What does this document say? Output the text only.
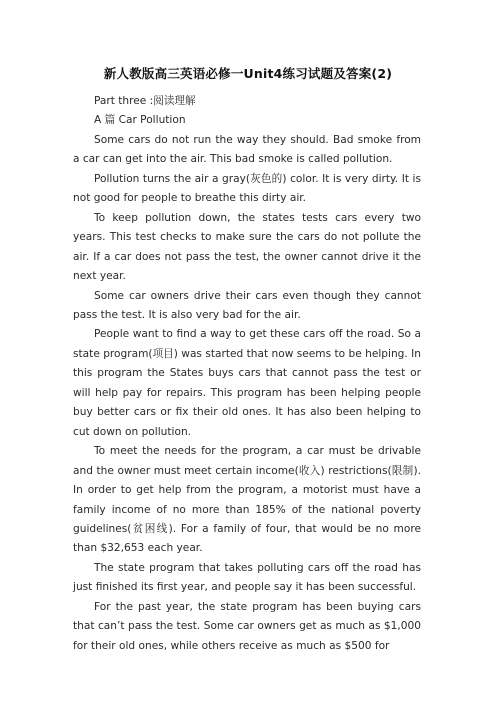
新人教版高三英语必修一Unit4练习试题及答案(2)

Part three :阅读理解

A 篇 Car Pollution

Some cars do not run the way they should. Bad smoke from a car can get into the air. This bad smoke is called pollution.

Pollution turns the air a gray(灰色的) color. It is very dirty. It is not good for people to breathe this dirty air.

To keep pollution down, the states tests cars every two years. This test checks to make sure the cars do not pollute the air. If a car does not pass the test, the owner cannot drive it the next year.

Some car owners drive their cars even though they cannot pass the test. It is also very bad for the air.

People want to find a way to get these cars off the road. So a state program(项目) was started that now seems to be helping. In this program the States buys cars that cannot pass the test or will help pay for repairs. This program has been helping people buy better cars or fix their old ones. It has also been helping to cut down on pollution.

To meet the needs for the program, a car must be drivable and the owner must meet certain income(收入) restrictions(限制). In order to get help from the program, a motorist must have a family income of no more than 185% of the national poverty guidelines(贫困线). For a family of four, that would be no more than $32,653 each year.

The state program that takes polluting cars off the road has just finished its first year, and people say it has been successful.

For the past year, the state program has been buying cars that can’t pass the test. Some car owners get as much as $1,000 for their old ones, while others receive as much as $500 for
